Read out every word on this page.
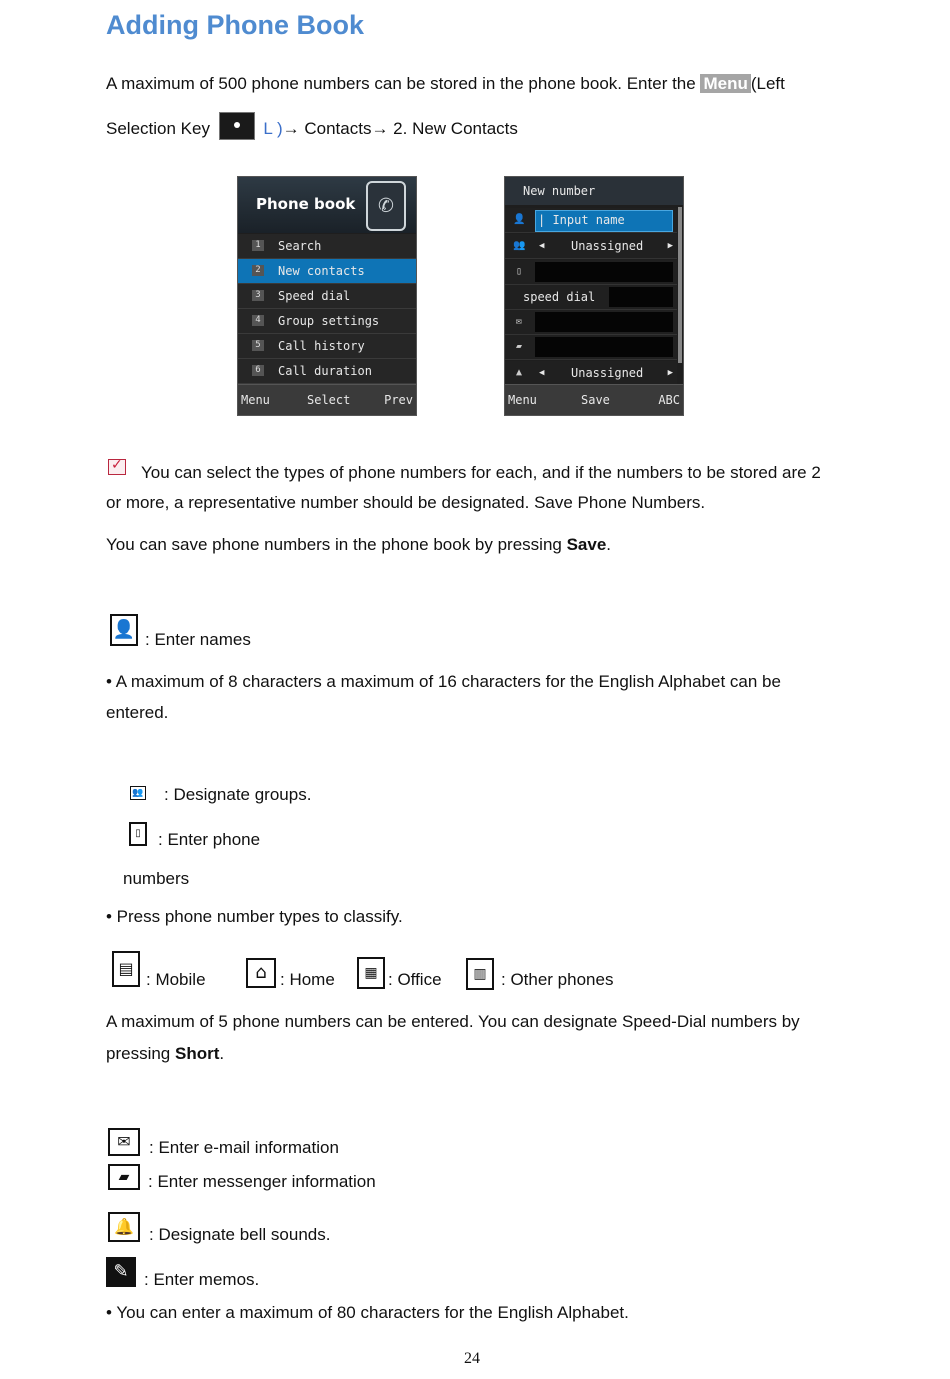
Adding Phone Book
A maximum of 500 phone numbers can be stored in the phone book. Enter the Menu (Left
Selection Key	L )→ Contacts→ 2. New Contacts
Phone book ✆
1 Search
2 New contacts
3 Speed dial
4 Group settings
5 Call history
6 Call duration
Menu	Select	Prev
New number
👤 | Input name
👥 ◀ Unassigned	▶
▯
speed dial
✉
▰
▲	◀ Unassigned	▶
Menu	Save	ABC
✓
You can select the types of phone numbers for each, and if the numbers to be stored are 2
or more, a representative number should be designated. Save Phone Numbers.
You can save phone numbers in the phone book by pressing Save.
👤 : Enter names
• A maximum of 8 characters a maximum of 16 characters for the English Alphabet can be
entered.
👥 : Designate groups.
▯	: Enter phone
numbers
• Press phone number types to classify.
▤
: Mobile	⌂ : Home	▦ : Office	▥ : Other phones
A maximum of 5 phone numbers can be entered. You can designate Speed-Dial numbers by
pressing Short.
✉	: Enter e-mail information
▰	: Enter messenger information
🔔 : Designate bell sounds.
✎ : Enter memos.
• You can enter a maximum of 80 characters for the English Alphabet.
24
